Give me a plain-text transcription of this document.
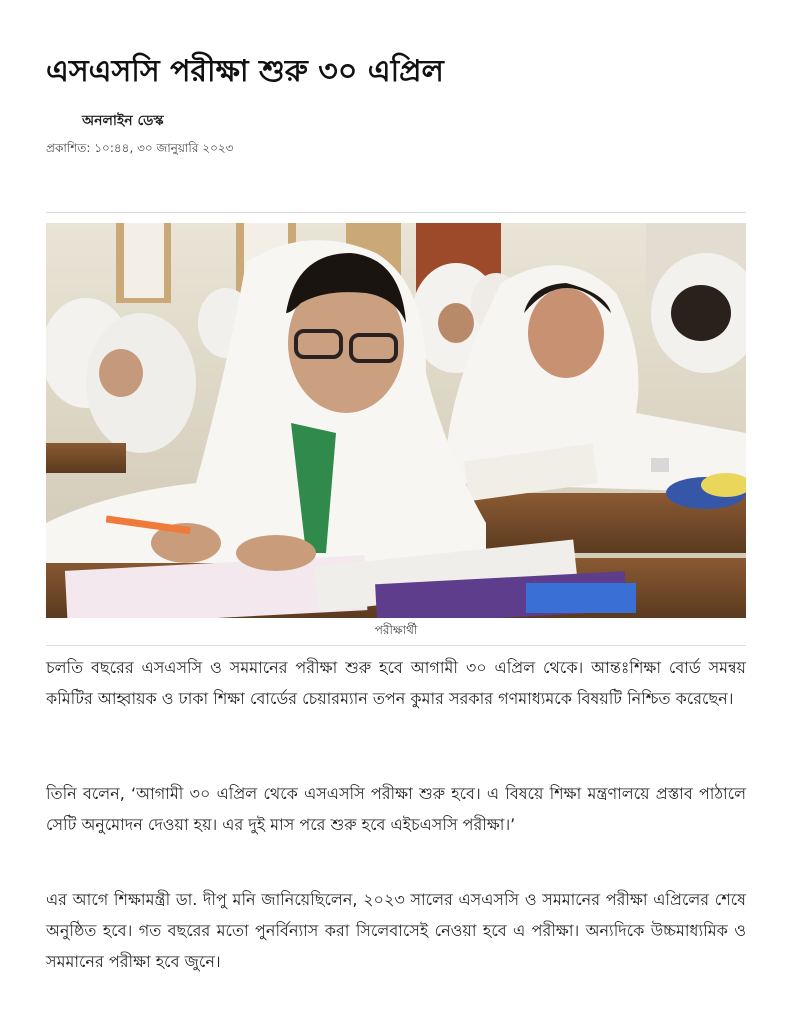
এসএসসি পরীক্ষা শুরু ৩০ এপ্রিল
অনলাইন ডেস্ক
প্রকাশিত : ১০:৪৪, ৩০ জানুয়ারি ২০২৩
পরীক্ষার্থী

চলতি বছরের এসএসসি ও সমমানের পরীক্ষা শুরু হবে আগামী ৩০ এপ্রিল থেকে। আন্তঃশিক্ষা বোর্ড সমন্বয় কমিটির আহ্বায়ক ও ঢাকা শিক্ষা বোর্ডের চেয়ারম্যান তপন কুমার সরকার গণমাধ্যমকে বিষয়টি নিশ্চিত করেছেন।

তিনি বলেন, ‘আগামী ৩০ এপ্রিল থেকে এসএসসি পরীক্ষা শুরু হবে। এ বিষয়ে শিক্ষা মন্ত্রণালয়ে প্রস্তাব পাঠালে সেটি অনুমোদন দেওয়া হয়। এর দুই মাস পরে শুরু হবে এইচএসসি পরীক্ষা।’

এর আগে শিক্ষামন্ত্রী ডা. দীপু মনি জানিয়েছিলেন, ২০২৩ সালের এসএসসি ও সমমানের পরীক্ষা এপ্রিলের শেষে অনুষ্ঠিত হবে। গত বছরের মতো পুনর্বিন্যাস করা সিলেবাসেই নেওয়া হবে এ পরীক্ষা। অন্যদিকে উচ্চমাধ্যমিক ও সমমানের পরীক্ষা হবে জুনে।
